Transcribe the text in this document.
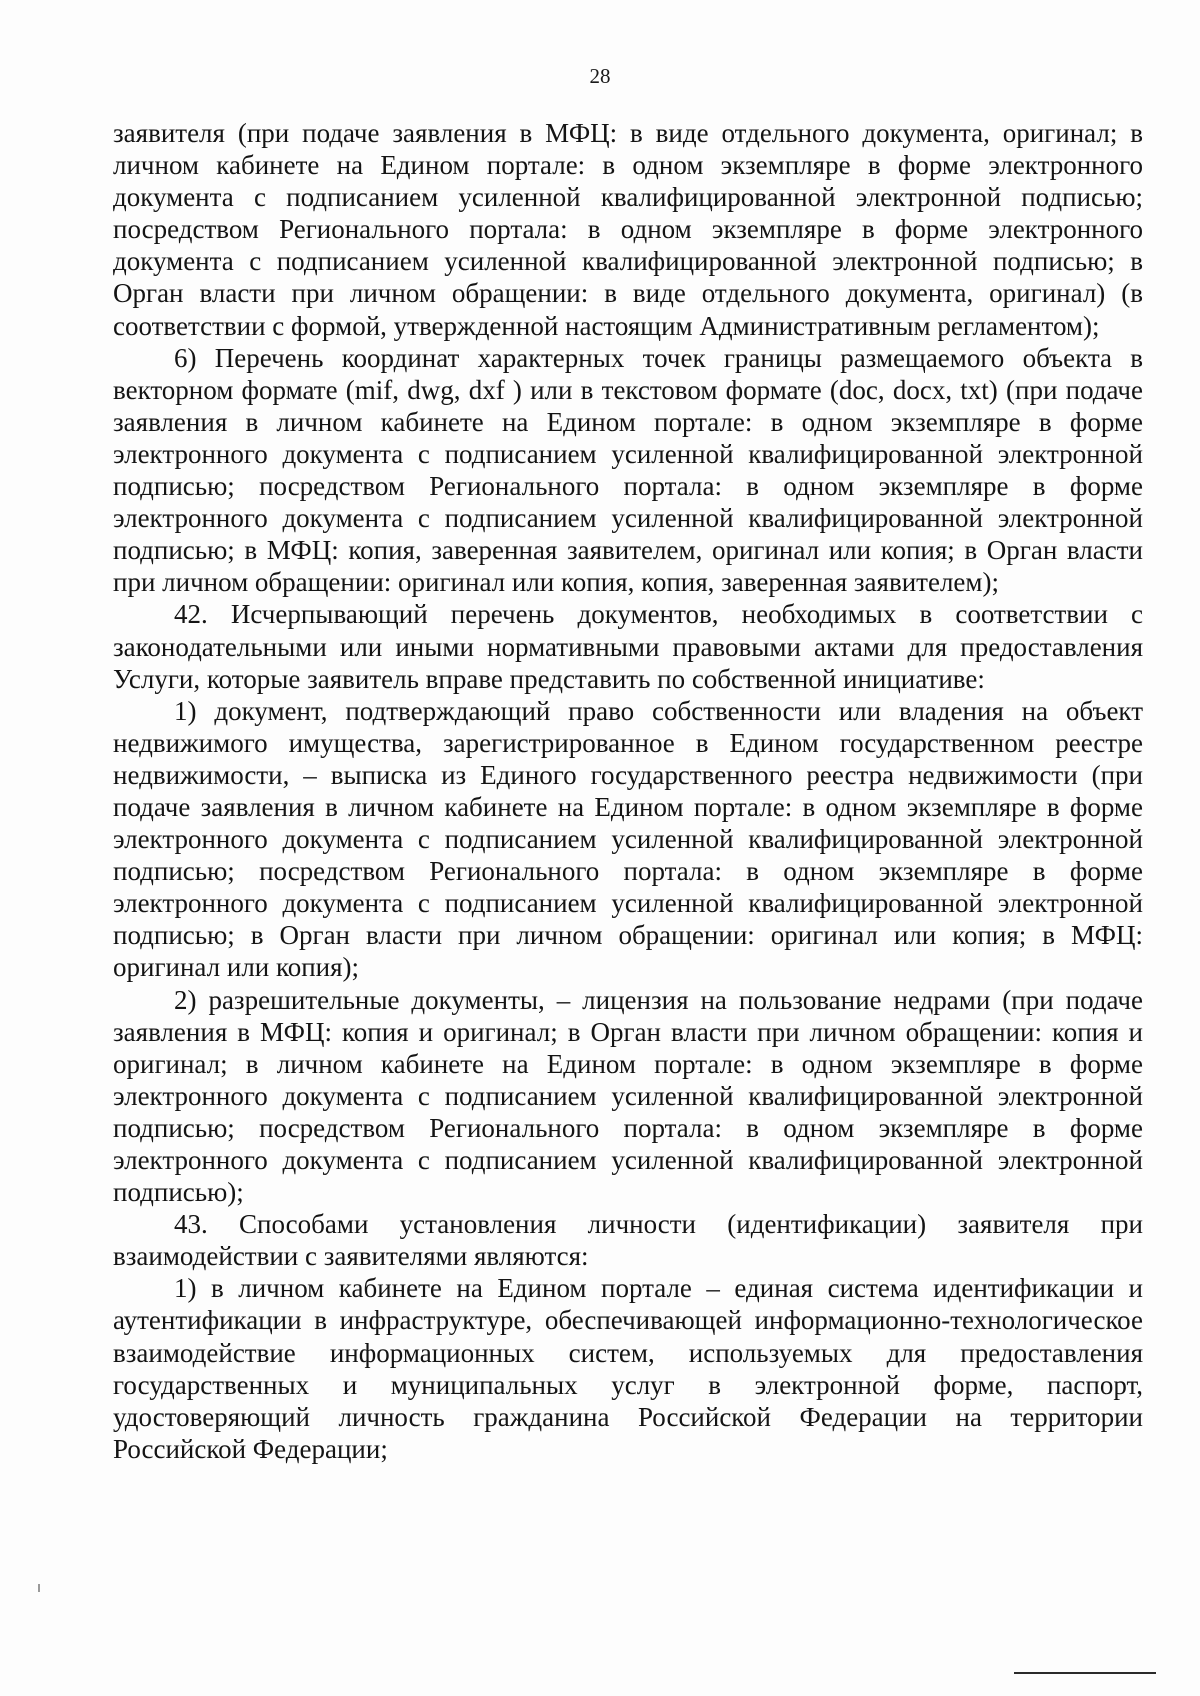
28

заявителя (при подаче заявления в МФЦ: в виде отдельного документа, оригинал; в личном кабинете на Едином портале: в одном экземпляре в форме электронного документа с подписанием усиленной квалифицированной электронной подписью; посредством Регионального портала: в одном экземпляре в форме электронного документа с подписанием усиленной квалифицированной электронной подписью; в Орган власти при личном обращении: в виде отдельного документа, оригинал) (в соответствии с формой, утвержденной настоящим Административным регламентом);

6) Перечень координат характерных точек границы размещаемого объекта в векторном формате (mif, dwg, dxf ) или в текстовом формате (doc, docx, txt) (при подаче заявления в личном кабинете на Едином портале: в одном экземпляре в форме электронного документа с подписанием усиленной квалифицированной электронной подписью; посредством Регионального портала: в одном экземпляре в форме электронного документа с подписанием усиленной квалифицированной электронной подписью; в МФЦ: копия, заверенная заявителем, оригинал или копия; в Орган власти при личном обращении: оригинал или копия, копия, заверенная заявителем);

42. Исчерпывающий перечень документов, необходимых в соответствии с законодательными или иными нормативными правовыми актами для предоставления Услуги, которые заявитель вправе представить по собственной инициативе:

1) документ, подтверждающий право собственности или владения на объект недвижимого имущества, зарегистрированное в Едином государственном реестре недвижимости, – выписка из Единого государственного реестра недвижимости (при подаче заявления в личном кабинете на Едином портале: в одном экземпляре в форме электронного документа с подписанием усиленной квалифицированной электронной подписью; посредством Регионального портала: в одном экземпляре в форме электронного документа с подписанием усиленной квалифицированной электронной подписью; в Орган власти при личном обращении: оригинал или копия; в МФЦ: оригинал или копия);

2) разрешительные документы, – лицензия на пользование недрами (при подаче заявления в МФЦ: копия и оригинал; в Орган власти при личном обращении: копия и оригинал; в личном кабинете на Едином портале: в одном экземпляре в форме электронного документа с подписанием усиленной квалифицированной электронной подписью; посредством Регионального портала: в одном экземпляре в форме электронного документа с подписанием усиленной квалифицированной электронной подписью);

43. Способами установления личности (идентификации) заявителя при взаимодействии с заявителями являются:

1) в личном кабинете на Едином портале – единая система идентификации и аутентификации в инфраструктуре, обеспечивающей информационно-технологическое взаимодействие информационных систем, используемых для предоставления государственных и муниципальных услуг в электронной форме, паспорт, удостоверяющий личность гражданина Российской Федерации на территории Российской Федерации;
